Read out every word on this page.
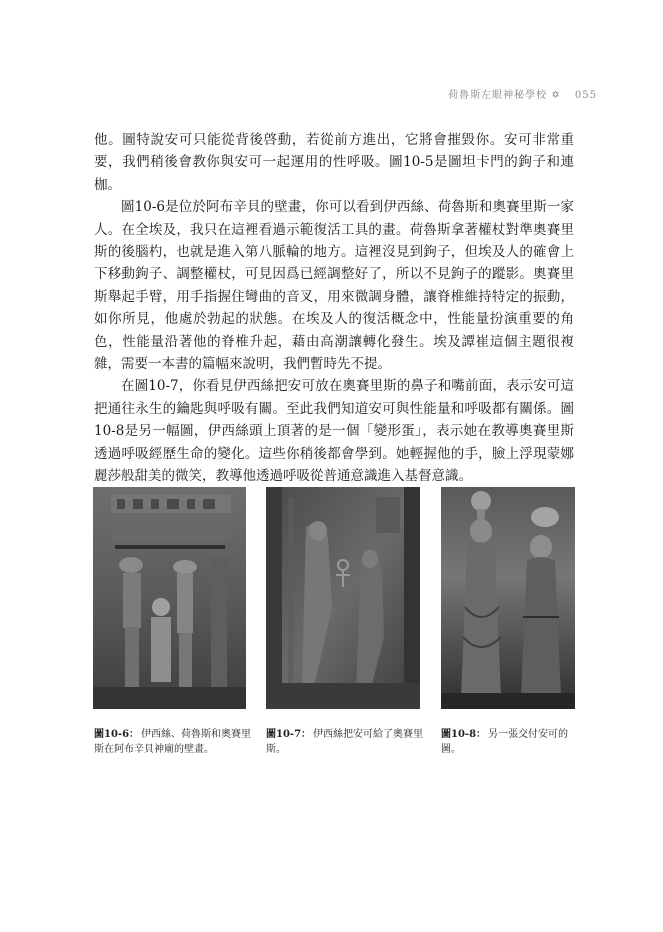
荷魯斯左眼神秘學校 ✡ 055

他。圖特說安可只能從背後啓動，若從前方進出，它將會摧毀你。安可非常重要，我們稍後會教你與安可一起運用的性呼吸。圖10-5是圖坦卡門的鉤子和連枷。

圖10-6是位於阿布辛貝的壁畫，你可以看到伊西絲、荷魯斯和奧賽里斯一家人。在全埃及，我只在這裡看過示範復活工具的畫。荷魯斯拿著權杖對準奧賽里斯的後腦杓，也就是進入第八脈輪的地方。這裡沒見到鉤子，但埃及人的確會上下移動鉤子、調整權杖，可見因爲已經調整好了，所以不見鉤子的蹤影。奧賽里斯舉起手臂，用手指握住彎曲的音叉，用來微調身體，讓脊椎維持特定的振動，如你所見，他處於勃起的狀態。在埃及人的復活概念中，性能量扮演重要的角色，性能量沿著他的脊椎升起，藉由高潮讓轉化發生。埃及譚崔這個主題很複雜，需要一本書的篇幅來說明，我們暫時先不提。

在圖10-7，你看見伊西絲把安可放在奧賽里斯的鼻子和嘴前面，表示安可這把通往永生的鑰匙與呼吸有關。至此我們知道安可與性能量和呼吸都有關係。圖10-8是另一幅圖，伊西絲頭上頂著的是一個「變形蛋」，表示她在教導奧賽里斯透過呼吸經歷生命的變化。這些你稍後都會學到。她輕握他的手，臉上浮現蒙娜麗莎般甜美的微笑，教導他透過呼吸從普通意識進入基督意識。

圖10-6： 伊西絲、荷魯斯和奧賽里斯在阿布辛貝神廟的壁畫。
圖10-7： 伊西絲把安可給了奧賽里斯。
圖10-8： 另一張交付安可的圖。
